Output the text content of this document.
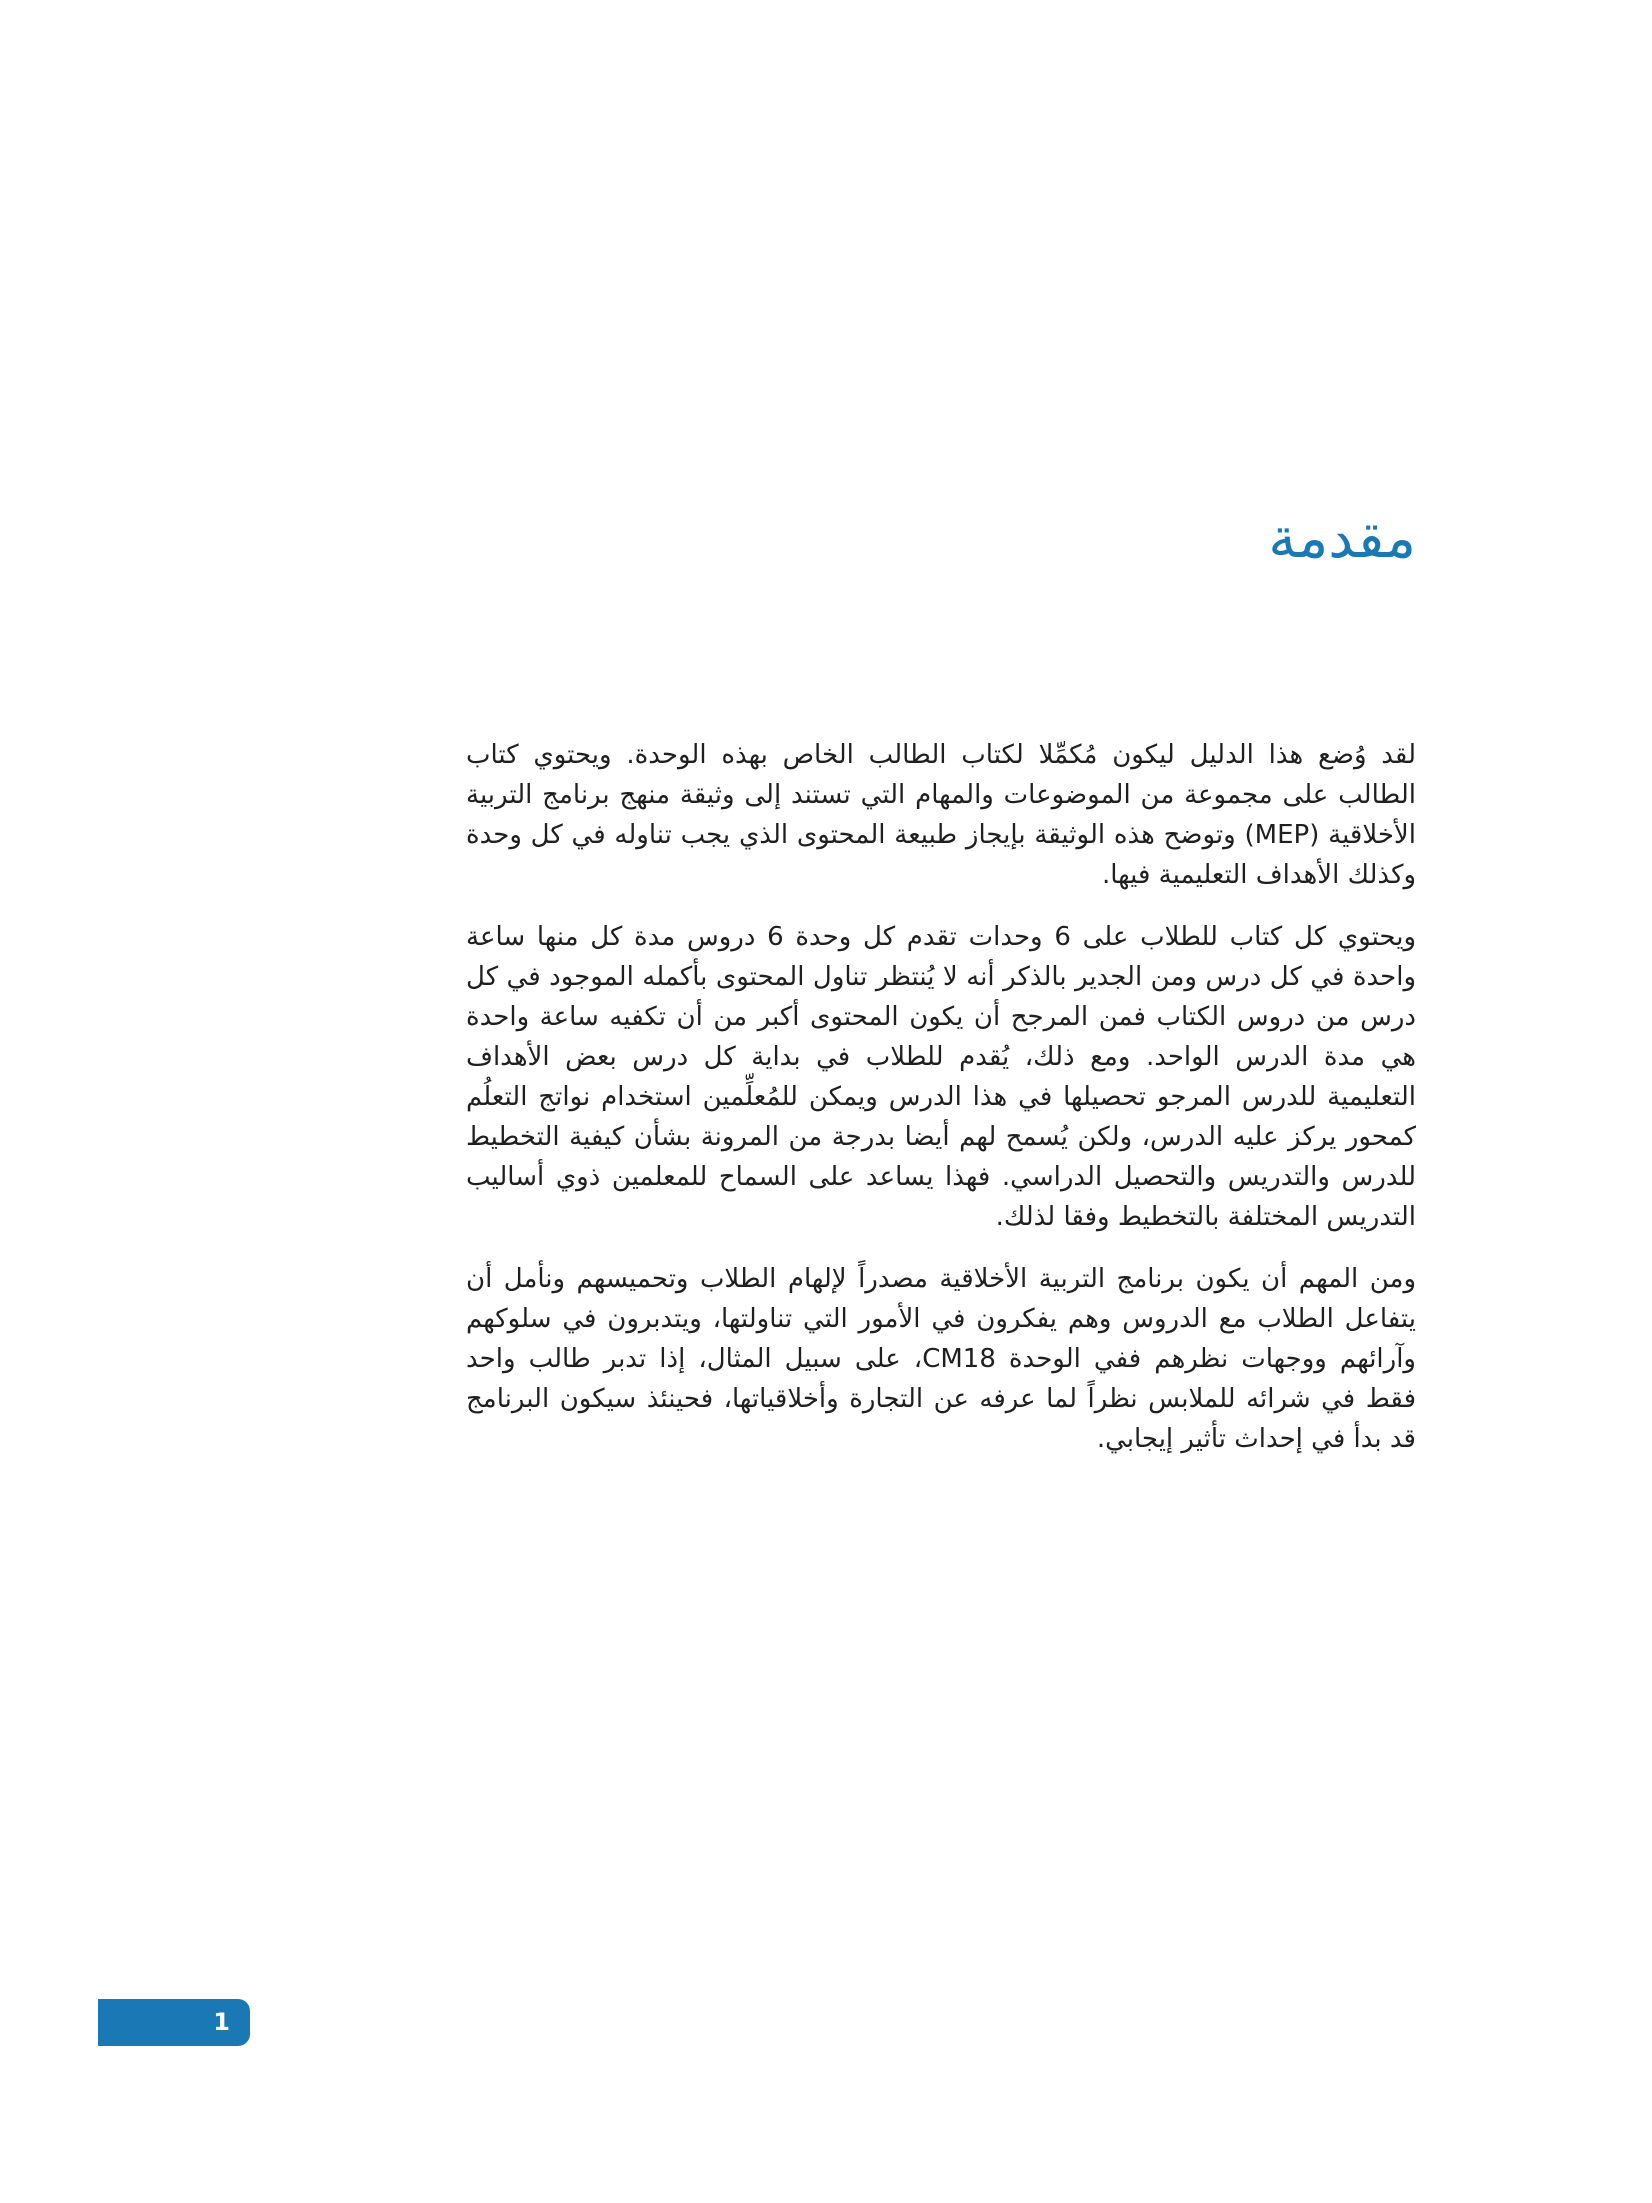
مقدمة

لقد وُضع هذا الدليل ليكون مُكمِّلا لكتاب الطالب الخاص بهذه الوحدة. ويحتوي كتاب الطالب على مجموعة من الموضوعات والمهام التي تستند إلى وثيقة منهج برنامج التربية الأخلاقية (MEP) وتوضح هذه الوثيقة بإيجاز طبيعة المحتوى الذي يجب تناوله في كل وحدة وكذلك الأهداف التعليمية فيها.

ويحتوي كل كتاب للطلاب على 6 وحدات تقدم كل وحدة 6 دروس مدة كل منها ساعة واحدة في كل درس ومن الجدير بالذكر أنه لا يُنتظر تناول المحتوى بأكمله الموجود في كل درس من دروس الكتاب فمن المرجح أن يكون المحتوى أكبر من أن تكفيه ساعة واحدة هي مدة الدرس الواحد. ومع ذلك، يُقدم للطلاب في بداية كل درس بعض الأهداف التعليمية للدرس المرجو تحصيلها في هذا الدرس ويمكن للمُعلِّمين استخدام نواتج التعلُم كمحور يركز عليه الدرس، ولكن يُسمح لهم أيضا بدرجة من المرونة بشأن كيفية التخطيط للدرس والتدريس والتحصيل الدراسي. فهذا يساعد على السماح للمعلمين ذوي أساليب التدريس المختلفة بالتخطيط وفقا لذلك.

ومن المهم أن يكون برنامج التربية الأخلاقية مصدراً لإلهام الطلاب وتحميسهم ونأمل أن يتفاعل الطلاب مع الدروس وهم يفكرون في الأمور التي تناولتها، ويتدبرون في سلوكهم وآرائهم ووجهات نظرهم ففي الوحدة CM18، على سبيل المثال، إذا تدبر طالب واحد فقط في شرائه للملابس نظراً لما عرفه عن التجارة وأخلاقياتها، فحينئذ سيكون البرنامج قد بدأ في إحداث تأثير إيجابي.

1
